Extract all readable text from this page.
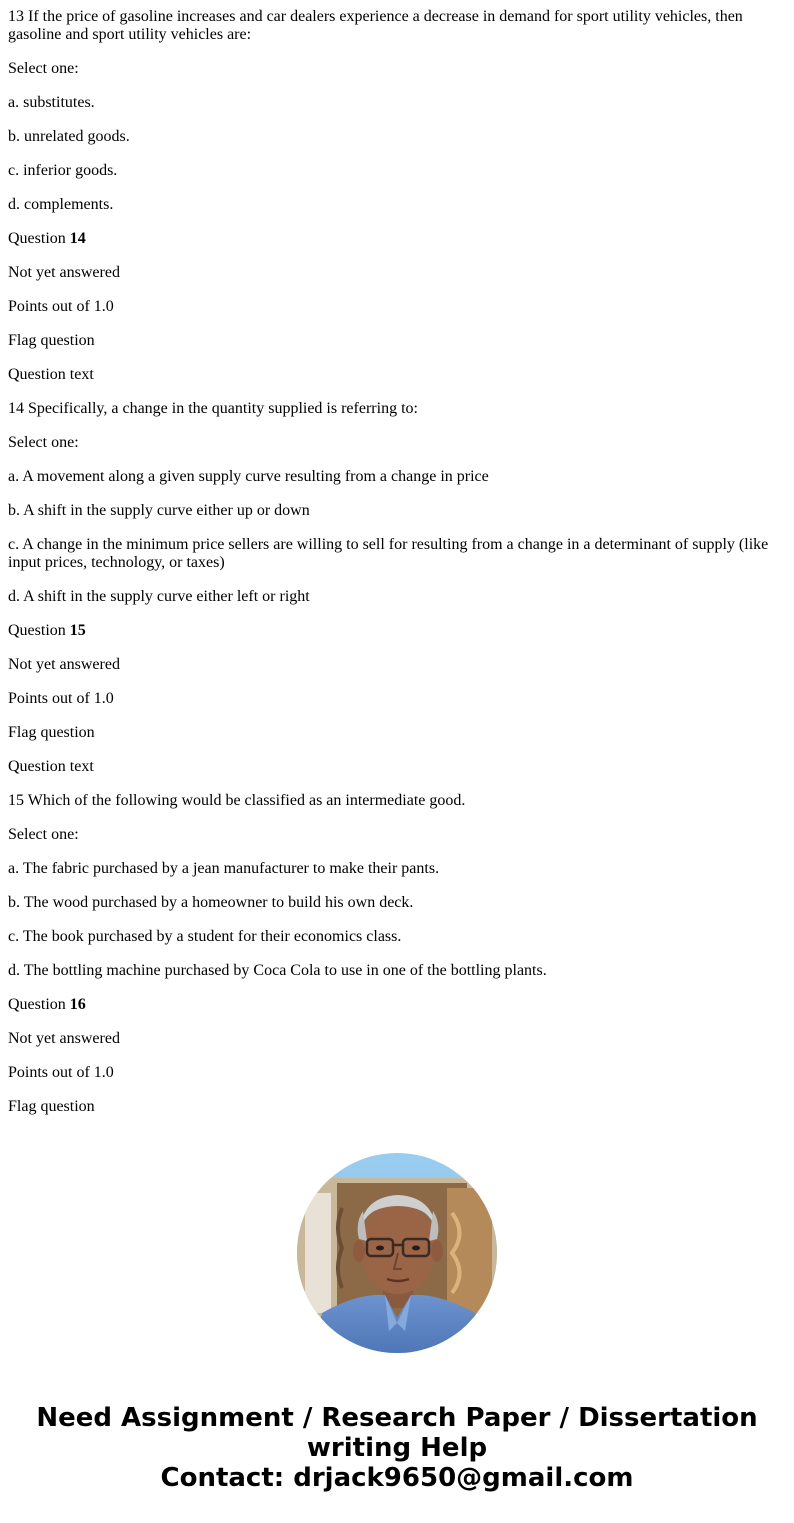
13 If the price of gasoline increases and car dealers experience a decrease in demand for sport utility vehicles, then gasoline and sport utility vehicles are:

Select one:

a. substitutes.

b. unrelated goods.

c. inferior goods.

d. complements.

Question 14

Not yet answered

Points out of 1.0

Flag question

Question text

14 Specifically, a change in the quantity supplied is referring to:

Select one:

a. A movement along a given supply curve resulting from a change in price

b. A shift in the supply curve either up or down

c. A change in the minimum price sellers are willing to sell for resulting from a change in a determinant of supply (like input prices, technology, or taxes)

d. A shift in the supply curve either left or right

Question 15

Not yet answered

Points out of 1.0

Flag question

Question text

15 Which of the following would be classified as an intermediate good.

Select one:

a. The fabric purchased by a jean manufacturer to make their pants.

b. The wood purchased by a homeowner to build his own deck.

c. The book purchased by a student for their economics class.

d. The bottling machine purchased by Coca Cola to use in one of the bottling plants.

Question 16

Not yet answered

Points out of 1.0

Flag question

Need Assignment / Research Paper / Dissertation writing Help
Contact: drjack9650@gmail.com
